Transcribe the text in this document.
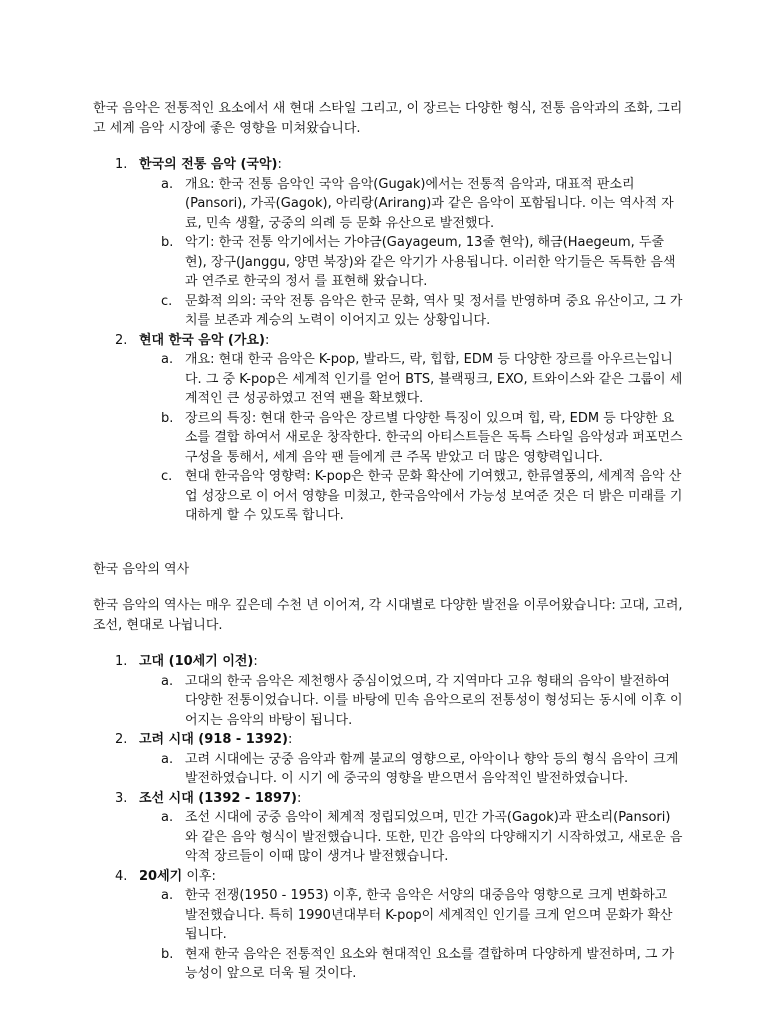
한국 음악은 전통적인 요소에서 새 현대 스타일 그리고, 이 장르는 다양한 형식, 전통 음악과의 조화, 그리고 세계 음악 시장에 좋은 영향을 미쳐왔습니다.

1. 한국의 전통 음악 (국악):
a. 개요: 한국 전통 음악인 국악 음악(Gugak)에서는 전통적 음악과, 대표적 판소리(Pansori), 가곡(Gagok), 아리랑(Arirang)과 같은 음악이 포함됩니다. 이는 역사적 자료, 민속 생활, 궁중의 의례 등 문화 유산으로 발전했다.
b. 악기: 한국 전통 악기에서는 가야금(Gayageum, 13줄 현악), 해금(Haegeum, 두줄현), 장구(Janggu, 양면 북장)와 같은 악기가 사용됩니다. 이러한 악기들은 독특한 음색과 연주로 한국의 정서 를 표현해 왔습니다.
c. 문화적 의의: 국악 전통 음악은 한국 문화, 역사 및 정서를 반영하며 중요 유산이고, 그 가치를 보존과 계승의 노력이 이어지고 있는 상황입니다.
2. 현대 한국 음악 (가요):
a. 개요: 현대 한국 음악은 K-pop, 발라드, 락, 힙합, EDM 등 다양한 장르를 아우르는입니다. 그 중 K-pop은 세계적 인기를 얻어 BTS, 블랙핑크, EXO, 트와이스와 같은 그룹이 세계적인 큰 성공하였고 전역 팬을 확보했다.
b. 장르의 특징: 현대 한국 음악은 장르별 다양한 특징이 있으며 힙, 락, EDM 등 다양한 요소를 결합 하여서 새로운 창작한다. 한국의 아티스트들은 독특 스타일 음악성과 퍼포먼스 구성을 통해서, 세계 음악 팬 들에게 큰 주목 받았고 더 많은 영향력입니다.
c. 현대 한국음악 영향력: K-pop은 한국 문화 확산에 기여했고, 한류열풍의, 세계적 음악 산업 성장으로 이 어서 영향을 미쳤고, 한국음악에서 가능성 보여준 것은 더 밝은 미래를 기대하게 할 수 있도록 합니다.

한국 음악의 역사

한국 음악의 역사는 매우 깊은데 수천 년 이어져, 각 시대별로 다양한 발전을 이루어왔습니다: 고대, 고려, 조선, 현대로 나뉩니다.

1. 고대 (10세기 이전):
a. 고대의 한국 음악은 제천행사 중심이었으며, 각 지역마다 고유 형태의 음악이 발전하여 다양한 전통이었습니다. 이를 바탕에 민속 음악으로의 전통성이 형성되는 동시에 이후 이어지는 음악의 바탕이 됩니다.
2. 고려 시대 (918 - 1392):
a. 고려 시대에는 궁중 음악과 함께 불교의 영향으로, 아악이나 향악 등의 형식 음악이 크게 발전하였습니다. 이 시기 에 중국의 영향을 받으면서 음악적인 발전하였습니다.
3. 조선 시대 (1392 - 1897):
a. 조선 시대에 궁중 음악이 체계적 정립되었으며, 민간 가곡(Gagok)과 판소리(Pansori)와 같은 음악 형식이 발전했습니다. 또한, 민간 음악의 다양해지기 시작하였고, 새로운 음악적 장르들이 이때 많이 생겨나 발전했습니다.
4. 20세기 이후:
a. 한국 전쟁(1950 - 1953) 이후, 한국 음악은 서양의 대중음악 영향으로 크게 변화하고 발전했습니다. 특히 1990년대부터 K-pop이 세계적인 인기를 크게 얻으며 문화가 확산됩니다.
b. 현재 한국 음악은 전통적인 요소와 현대적인 요소를 결합하며 다양하게 발전하며, 그 가능성이 앞으로 더욱 될 것이다.
